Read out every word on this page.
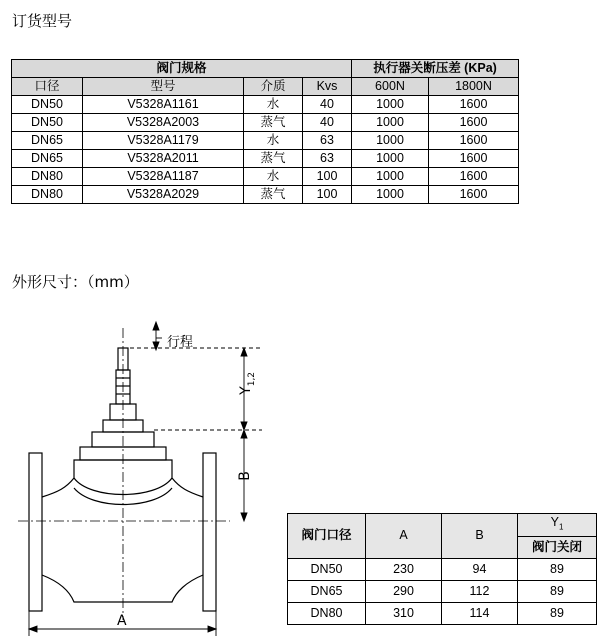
订货型号
阀门规格				执行器关断压差 (KPa)	
口径	型号	介质	Kvs	600N	1800N
DN50	V5328A1161	水	40	1000	1600
DN50	V5328A2003	蒸气	40	1000	1600
DN65	V5328A1179	水	63	1000	1600
DN65	V5328A2011	蒸气	63	1000	1600
DN80	V5328A1187	水	100	1000	1600
DN80	V5328A2029	蒸气	100	1000	1600
外形尺寸：（mm）
行程
$Y_{1,2}$
B
A
阀门口径	A	B	$Y_1$
			阀门关闭
DN50	230	94	89
DN65	290	112	89
DN80	310	114	89
